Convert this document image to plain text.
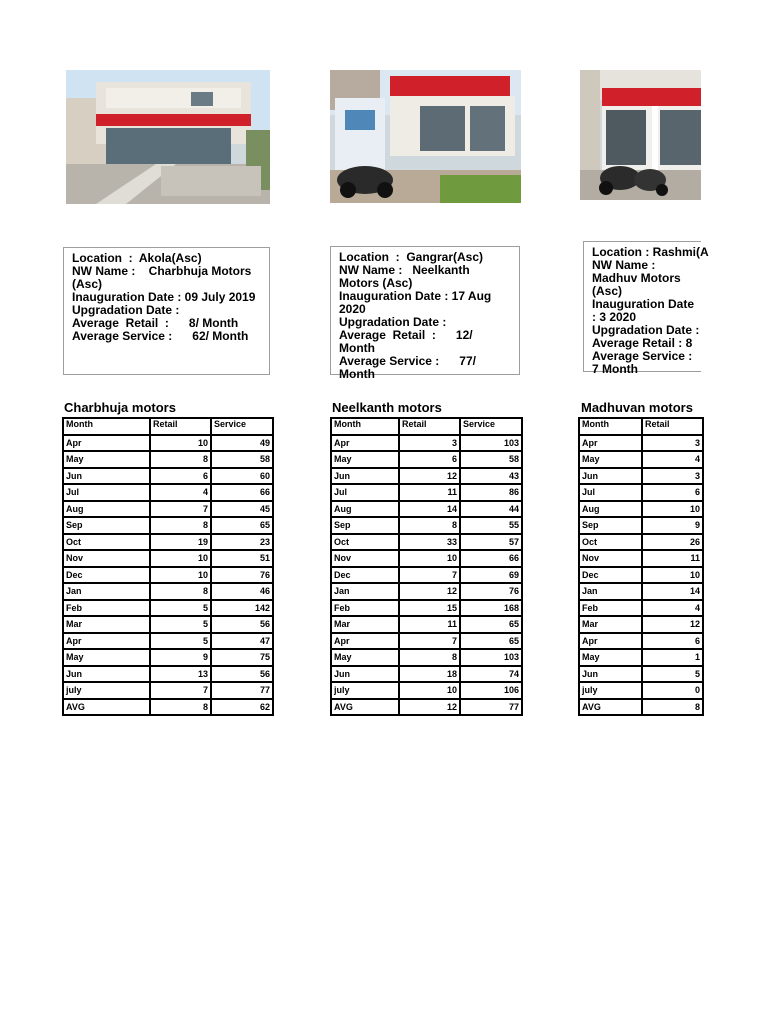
Location  :  Akola(Asc)
NW Name :    Charbhuja Motors (Asc)
Inauguration Date : 09 July 2019
Upgradation Date :
Average  Retail  :      8/ Month
Average Service :      62/ Month
Location  :  Gangrar(Asc)
NW Name :   Neelkanth  Motors (Asc)
Inauguration Date : 17 Aug 2020
Upgradation Date :
Average  Retail  :      12/ Month
Average Service :      77/ Month
Location : Rashmi(A
NW Name :   Madhuv Motors (Asc)
Inauguration Date : 3 2020
Upgradation Date :
Average Retail : 8
Average Service :      7 Month
Charbhuja motors	Neelkanth motors	Madhuvan motors
Month	Retail	Service
Apr	10	49
May	8	58
Jun	6	60
Jul	4	66
Aug	7	45
Sep	8	65
Oct	19	23
Nov	10	51
Dec	10	76
Jan	8	46
Feb	5	142
Mar	5	56
Apr	5	47
May	9	75
Jun	13	56
july	7	77
AVG	8	62
Month	Retail	Service
Apr	3	103
May	6	58
Jun	12	43
Jul	11	86
Aug	14	44
Sep	8	55
Oct	33	57
Nov	10	66
Dec	7	69
Jan	12	76
Feb	15	168
Mar	11	65
Apr	7	65
May	8	103
Jun	18	74
july	10	106
AVG	12	77
Month	Retail
Apr	3
May	4
Jun	3
Jul	6
Aug	10
Sep	9
Oct	26
Nov	11
Dec	10
Jan	14
Feb	4
Mar	12
Apr	6
May	1
Jun	5
july	0
AVG	8
